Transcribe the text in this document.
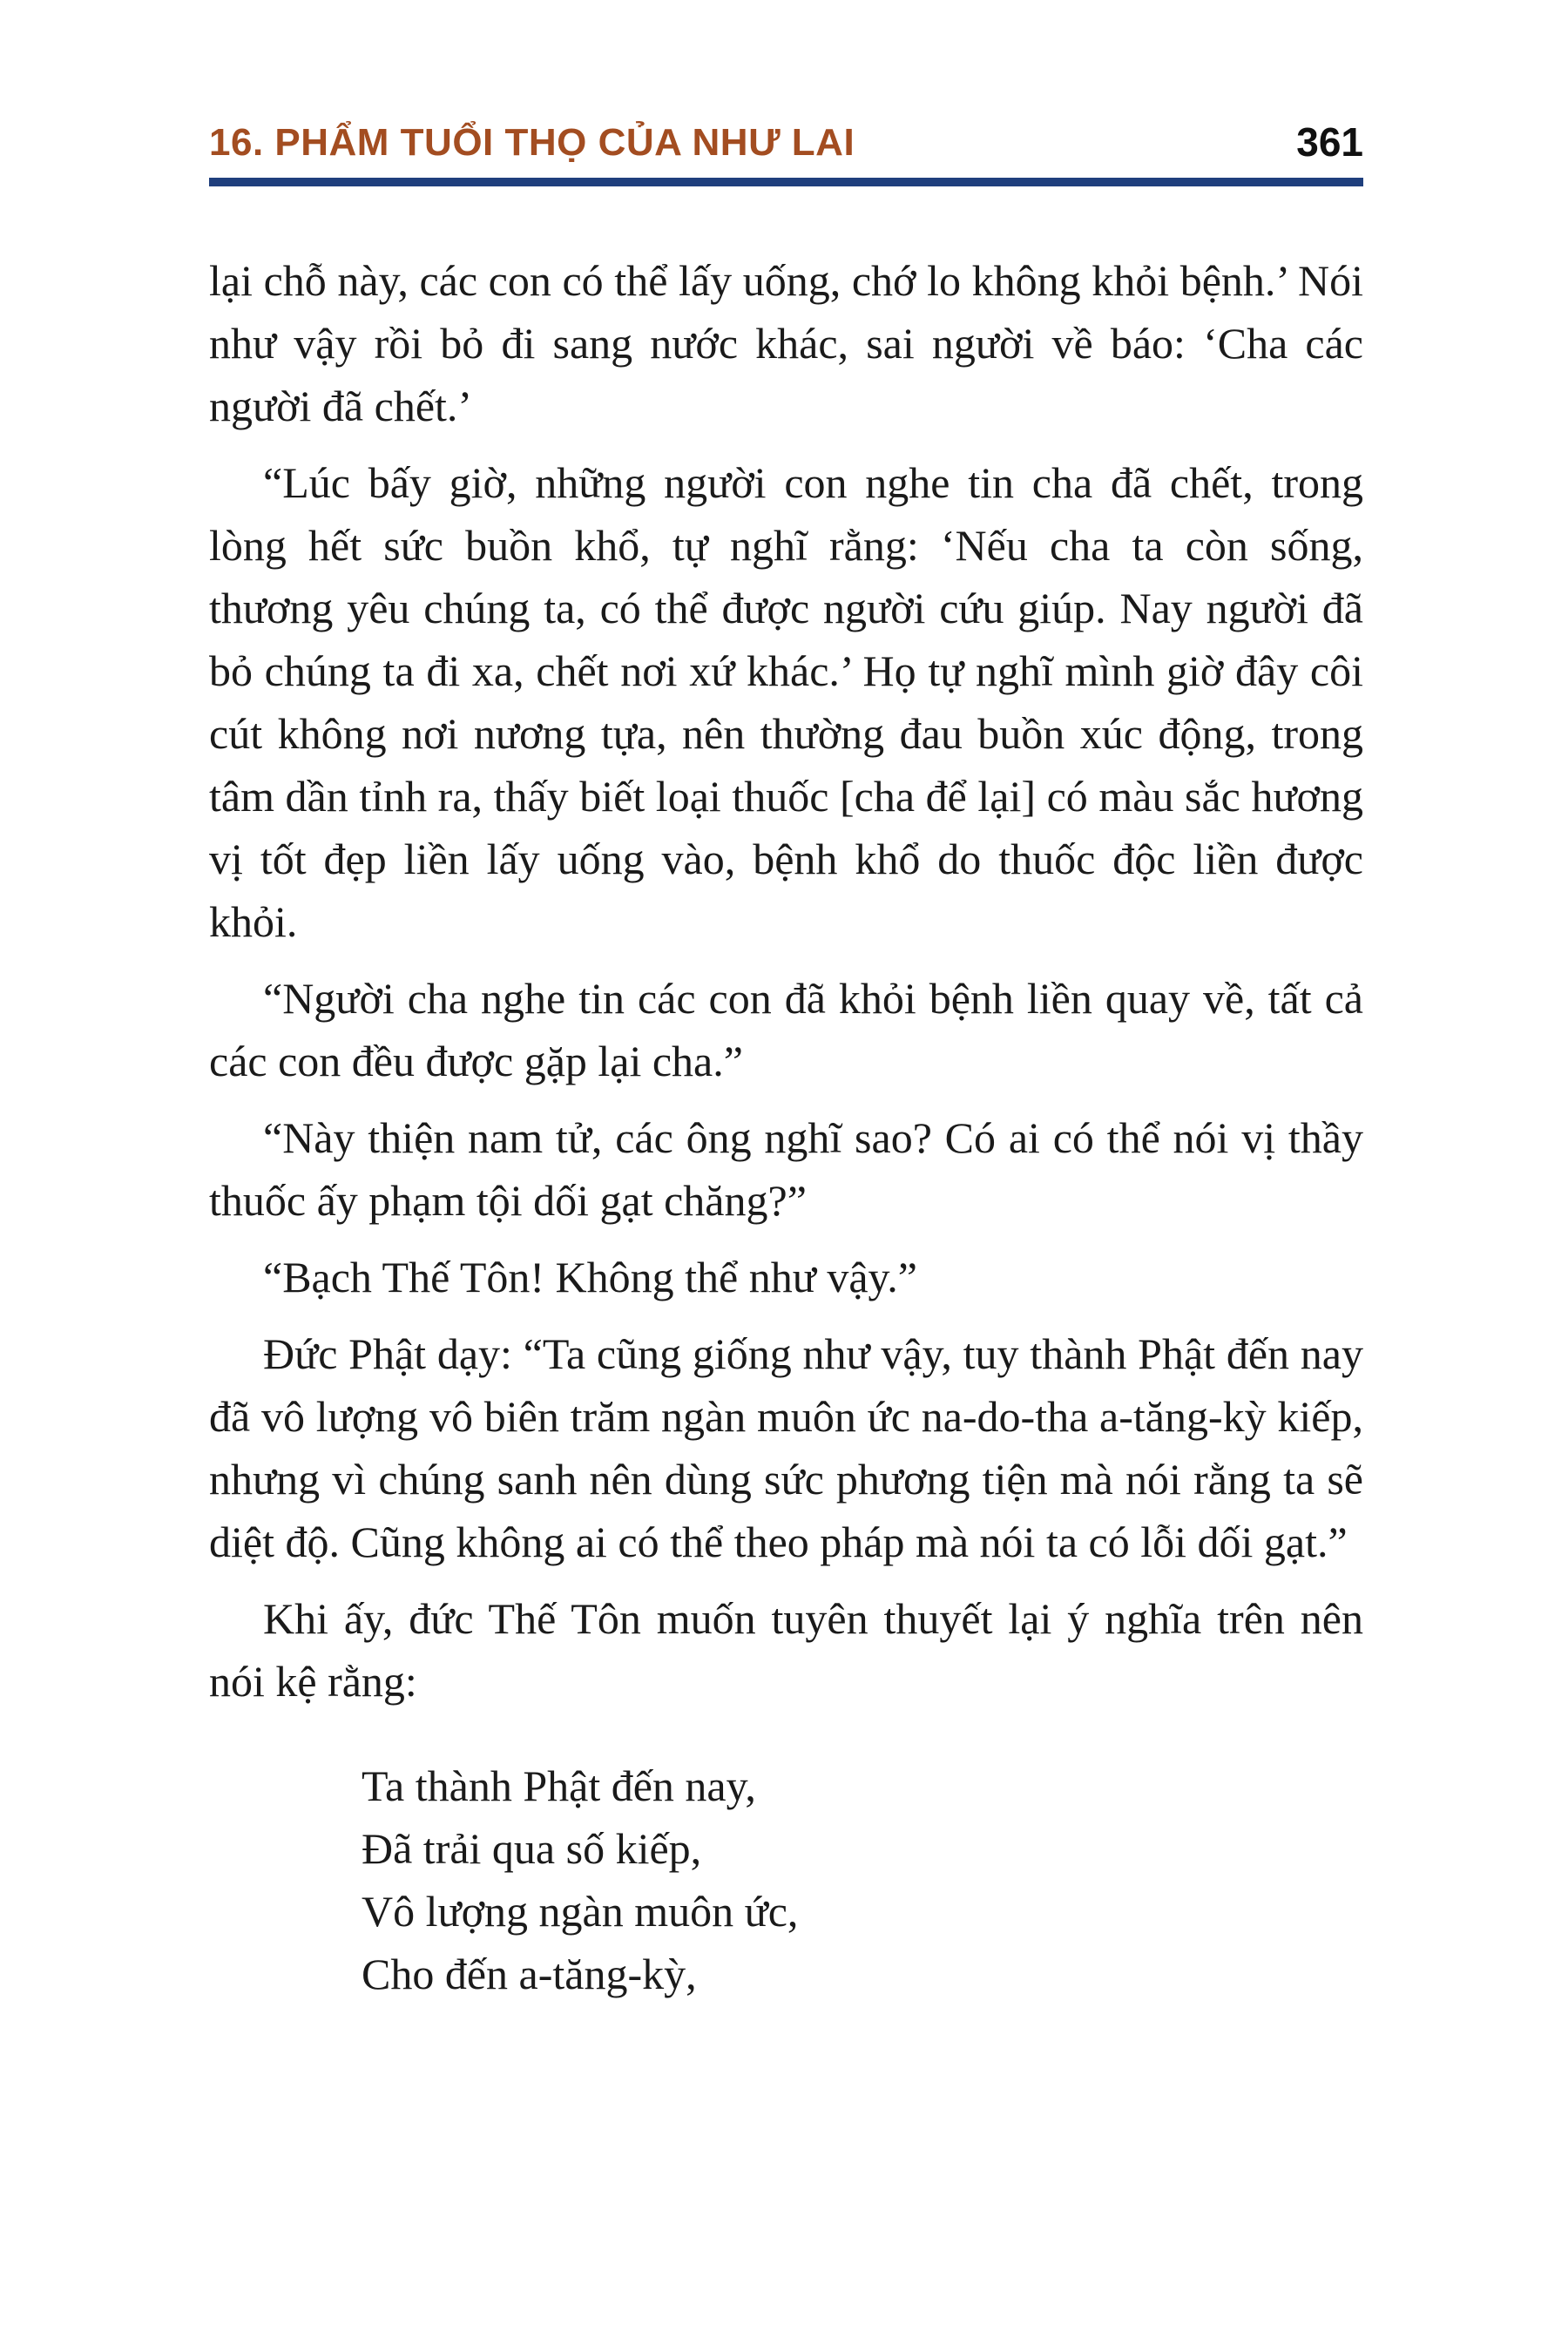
16. PHẨM TUỔI THỌ CỦA NHƯ LAI	361

lại chỗ này, các con có thể lấy uống, chớ lo không khỏi bệnh.’ Nói như vậy rồi bỏ đi sang nước khác, sai người về báo: ‘Cha các người đã chết.’

“Lúc bấy giờ, những người con nghe tin cha đã chết, trong lòng hết sức buồn khổ, tự nghĩ rằng: ‘Nếu cha ta còn sống, thương yêu chúng ta, có thể được người cứu giúp. Nay người đã bỏ chúng ta đi xa, chết nơi xứ khác.’ Họ tự nghĩ mình giờ đây côi cút không nơi nương tựa, nên thường đau buồn xúc động, trong tâm dần tỉnh ra, thấy biết loại thuốc [cha để lại] có màu sắc hương vị tốt đẹp liền lấy uống vào, bệnh khổ do thuốc độc liền được khỏi.

“Người cha nghe tin các con đã khỏi bệnh liền quay về, tất cả các con đều được gặp lại cha.”

“Này thiện nam tử, các ông nghĩ sao? Có ai có thể nói vị thầy thuốc ấy phạm tội dối gạt chăng?”

“Bạch Thế Tôn! Không thể như vậy.”

Đức Phật dạy: “Ta cũng giống như vậy, tuy thành Phật đến nay đã vô lượng vô biên trăm ngàn muôn ức na-do-tha a-tăng-kỳ kiếp, nhưng vì chúng sanh nên dùng sức phương tiện mà nói rằng ta sẽ diệt độ. Cũng không ai có thể theo pháp mà nói ta có lỗi dối gạt.”

Khi ấy, đức Thế Tôn muốn tuyên thuyết lại ý nghĩa trên nên nói kệ rằng:

Ta thành Phật đến nay,
Đã trải qua số kiếp,
Vô lượng ngàn muôn ức,
Cho đến a-tăng-kỳ,
